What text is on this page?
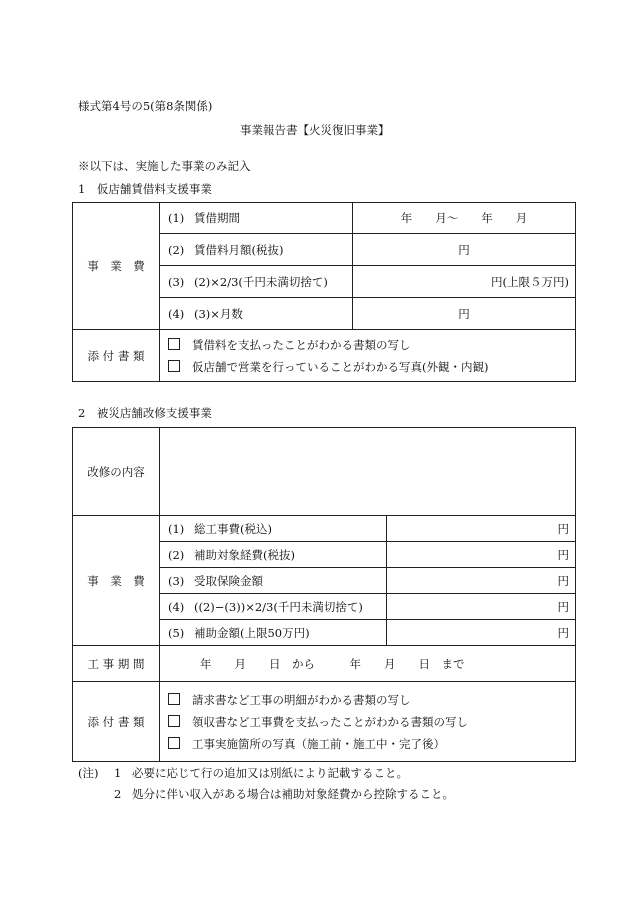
様式第4号の5(第8条関係)
事業報告書【火災復旧事業】
※以下は、実施した事業のみ記入
1　仮店舗賃借料支援事業
事　業　費	(1) 賃借期間	年　　月～　　年　　月
	(2) 賃借料月額(税抜)	円
	(3) (2)×2/3(千円未満切捨て)	円(上限５万円)
	(4) (3)×月数	円
添 付 書 類	賃借料を支払ったことがわかる書類の写し
仮店舗で営業を行っていることがわかる写真(外観・内観)	
2　被災店舗改修支援事業
改修の内容		
事　業　費	(1) 総工事費(税込)	円
	(2) 補助対象経費(税抜)	円
	(3) 受取保険金額	円
	(4) ((2)−(3))×2/3(千円未満切捨て)	円
	(5) 補助金額(上限50万円)	円
工 事 期 間	年　　月　　日　から　　　年　　月　　日　まで	
添 付 書 類	請求書など工事の明細がわかる書類の写し
領収書など工事費を支払ったことがわかる書類の写し
工事実施箇所の写真（施工前・施工中・完了後）	
(注) 1 必要に応じて行の追加又は別紙により記載すること。
2 処分に伴い収入がある場合は補助対象経費から控除すること。
